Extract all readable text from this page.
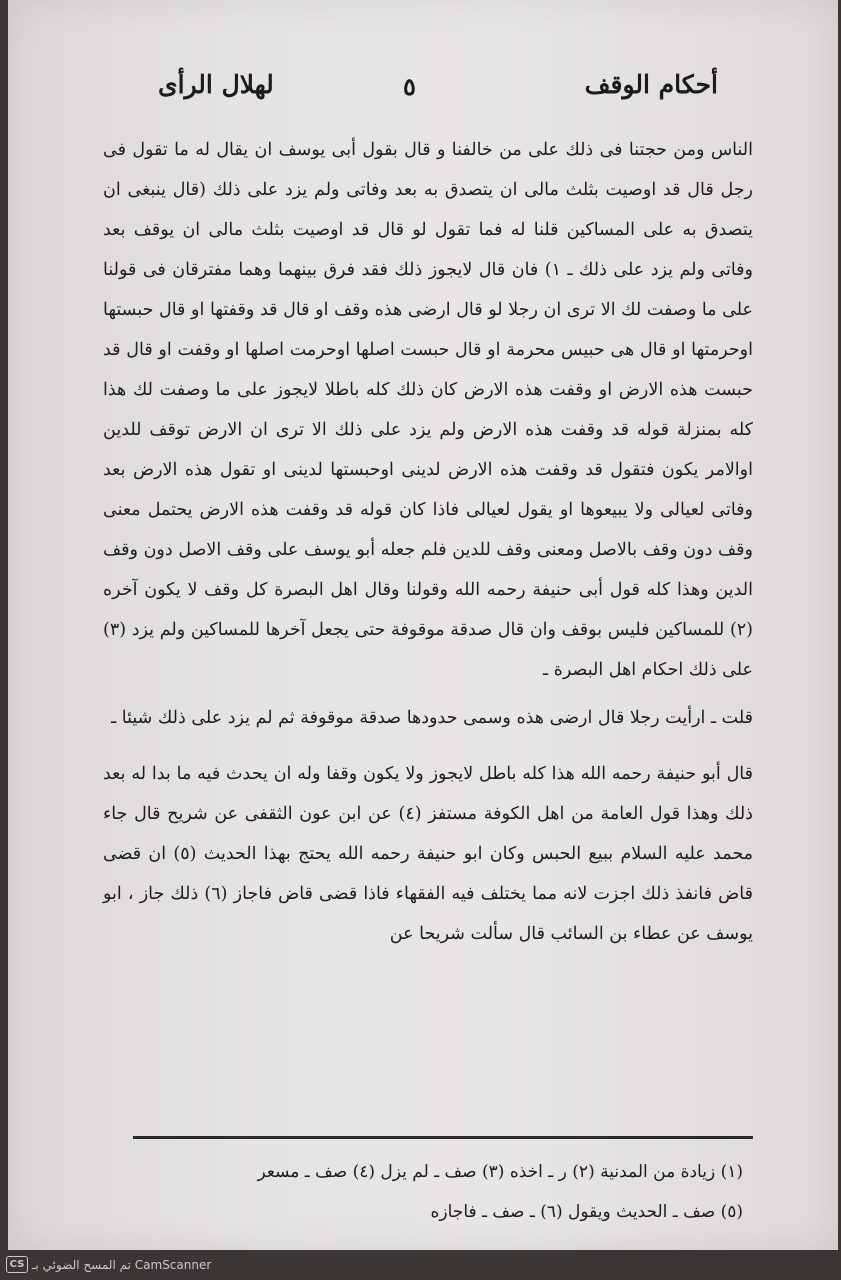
أحكام الوقف
٥
لهلال الرأى

الناس ومن حجتنا فى ذلك على من خالفنا و قال بقول أبى يوسف ان يقال له ما تقول فى رجل قال قد اوصيت بثلث مالى ان يتصدق به بعد وفاتى ولم يزد على ذلك (قال ينبغى ان يتصدق به على المساكين قلنا له فما تقول لو قال قد اوصيت بثلث مالى ان يوقف بعد وفاتى ولم يزد على ذلك ـ ١) فان قال لايجوز ذلك فقد فرق بينهما وهما مفترقان فى قولنا على ما وصفت لك الا ترى ان رجلا لو قال ارضى هذه وقف او قال قد وقفتها او قال حبستها اوحرمتها او قال هى حبيس محرمة او قال حبست اصلها اوحرمت اصلها او وقفت او قال قد حبست هذه الارض او وقفت هذه الارض كان ذلك كله باطلا لايجوز على ما وصفت لك هذا كله بمنزلة قوله قد وقفت هذه الارض ولم يزد على ذلك الا ترى ان الارض توقف للدين اوالامر يكون فتقول قد وقفت هذه الارض لدينى اوحبستها لدينى او تقول هذه الارض بعد وفاتى لعيالى ولا يبيعوها او يقول لعيالى فاذا كان قوله قد وقفت هذه الارض يحتمل معنى وقف دون وقف بالاصل ومعنى وقف للدين فلم جعله أبو يوسف على وقف الاصل دون وقف الدين وهذا كله قول أبى حنيفة رحمه الله وقولنا وقال اهل البصرة كل وقف لا يكون آخره (٢) للمساكين فليس بوقف وان قال صدقة موقوفة حتى يجعل آخرها للمساكين ولم يزد (٣) على ذلك احكام اهل البصرة ـ

قلت ـ ارأيت رجلا قال ارضى هذه وسمى حدودها صدقة موقوفة ثم لم يزد على ذلك شيئا ـ

قال أبو حنيفة رحمه الله هذا كله باطل لايجوز ولا يكون وقفا وله ان يحدث فيه ما بدا له بعد ذلك وهذا قول العامة من اهل الكوفة مستفز (٤) عن ابن عون الثقفى عن شريح قال جاء محمد عليه السلام ببيع الحبس وكان ابو حنيفة رحمه الله يحتج بهذا الحديث (٥) ان قضى قاض فانفذ ذلك اجزت لانه مما يختلف فيه الفقهاء فاذا قضى قاض فاجاز (٦) ذلك جاز ، ابو يوسف عن عطاء بن السائب قال سألت شريحا عن

(١) زيادة من المدنية (٢) ر ـ اخذه (٣) صف ـ لم يزل (٤) صف ـ مسعر

(٥) صف ـ الحديث ويقول (٦) ـ صف ـ فاجازه

CS تم المسح الضوئي بـ CamScanner
